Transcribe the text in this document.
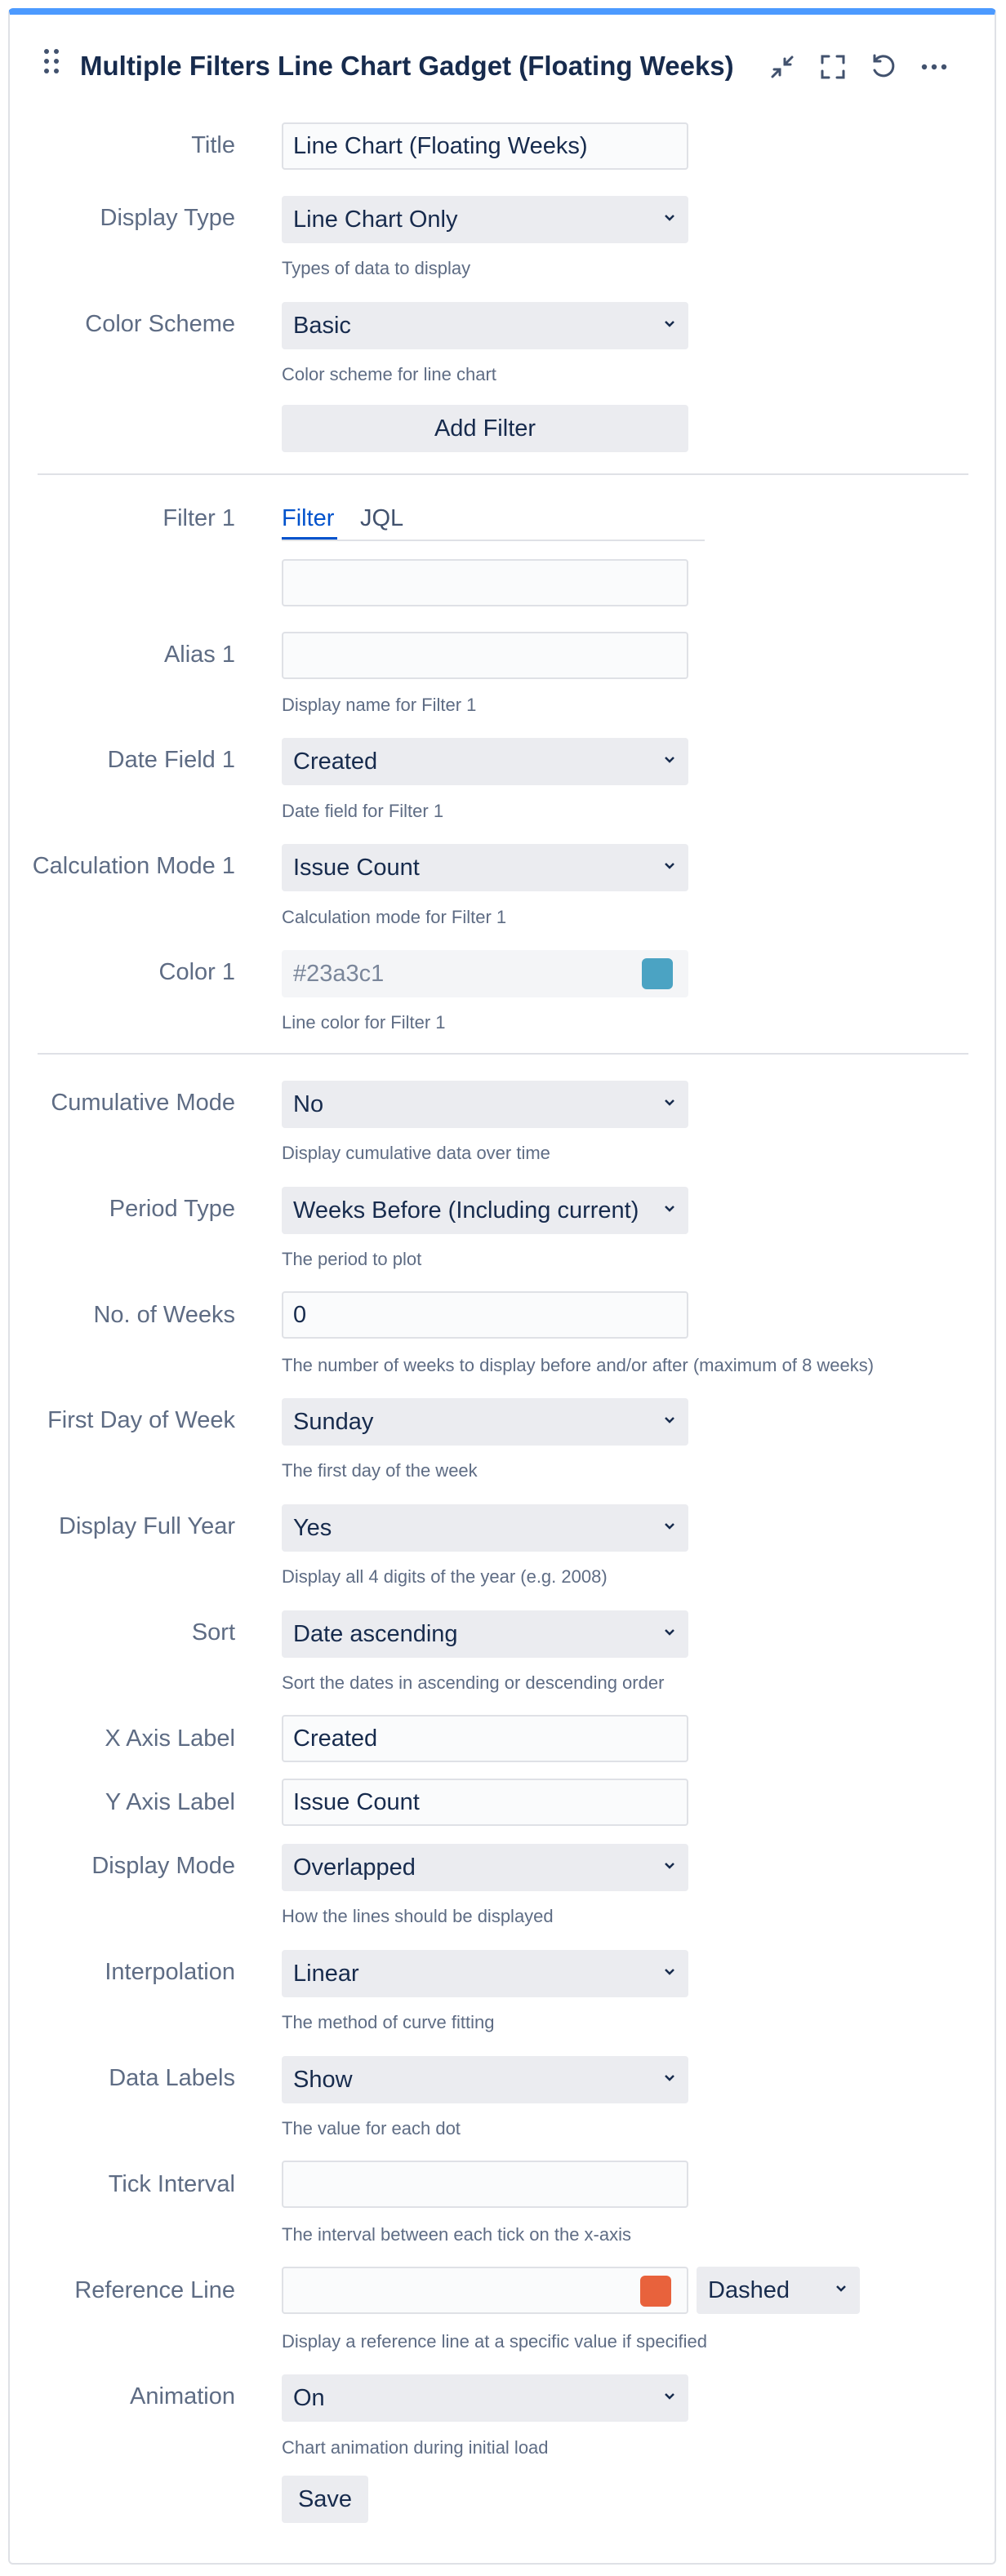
Multiple Filters Line Chart Gadget (Floating Weeks)
Title	Line Chart (Floating Weeks)
Display Type	Line Chart Only
Types of data to display
Color Scheme	Basic
Color scheme for line chart
Add Filter
Filter 1 Filter JQL
Alias 1
Display name for Filter 1
Date Field 1	Created
Date field for Filter 1
Calculation Mode 1	Issue Count
Calculation mode for Filter 1
Color 1	#23a3c1
Line color for Filter 1
Cumulative Mode	No
Display cumulative data over time
Period Type	Weeks Before (Including current)
The period to plot
No. of Weeks	0
The number of weeks to display before and/or after (maximum of 8 weeks)
First Day of Week	Sunday
The first day of the week
Display Full Year	Yes
Display all 4 digits of the year (e.g. 2008)
Sort	Date ascending
Sort the dates in ascending or descending order
X Axis Label	Created
Y Axis Label	Issue Count
Display Mode	Overlapped
How the lines should be displayed
Interpolation	Linear
The method of curve fitting
Data Labels	Show
The value for each dot
Tick Interval
The interval between each tick on the x-axis
Reference Line	Dashed
Display a reference line at a specific value if specified
Animation	On
Chart animation during initial load
Save
